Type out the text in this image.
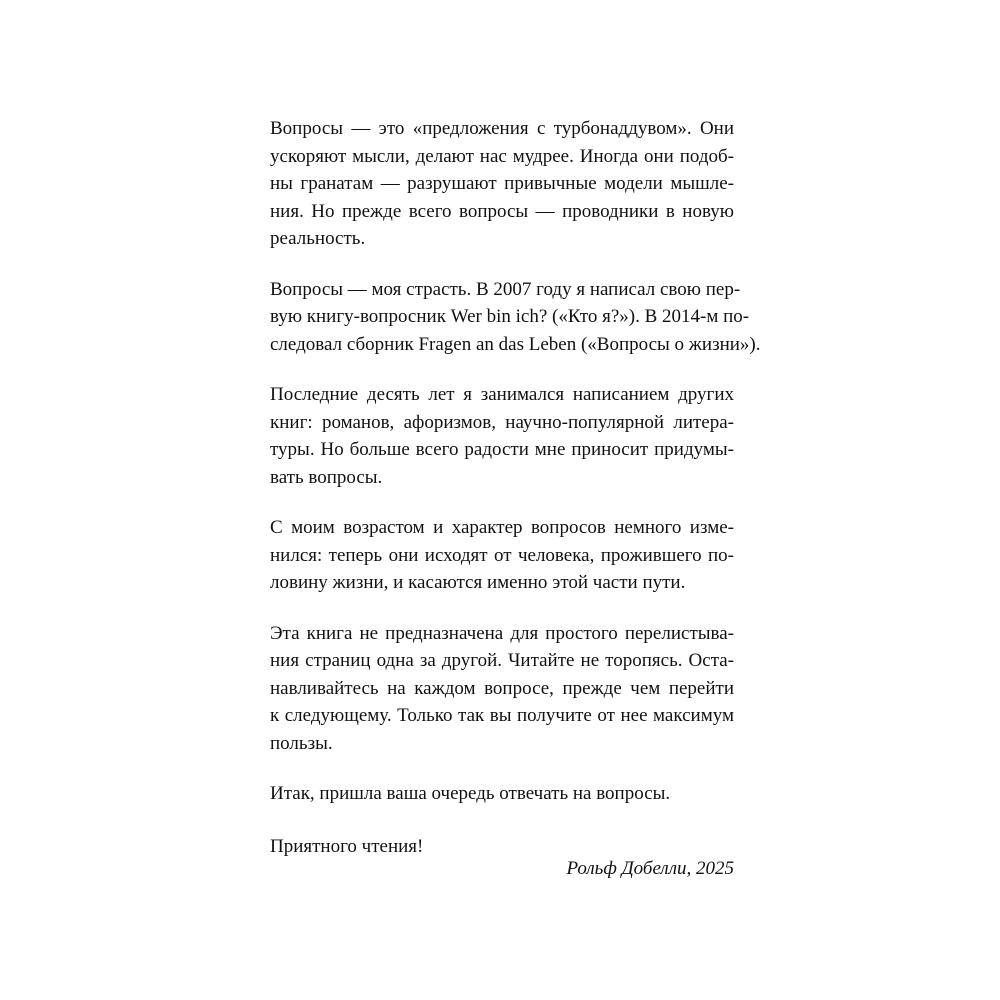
Вопросы — это «предложения с турбонаддувом». Они
ускоряют мысли, делают нас мудрее. Иногда они подоб-
ны гранатам — разрушают привычные модели мышле-
ния. Но прежде всего вопросы — проводники в новую
реальность.

Вопросы — моя страсть. В 2007 году я написал свою пер-
вую книгу-вопросник Wer bin ich? («Кто я?»). В 2014-м по-
следовал сборник Fragen an das Leben («Вопросы о жизни»).

Последние десять лет я занимался написанием других
книг: романов, афоризмов, научно-популярной литера-
туры. Но больше всего радости мне приносит придумы-
вать вопросы.

С моим возрастом и характер вопросов немного изме-
нился: теперь они исходят от человека, прожившего по-
ловину жизни, и касаются именно этой части пути.

Эта книга не предназначена для простого перелистыва-
ния страниц одна за другой. Читайте не торопясь. Оста-
навливайтесь на каждом вопросе, прежде чем перейти
к следующему. Только так вы получите от нее максимум
пользы.

Итак, пришла ваша очередь отвечать на вопросы.

Приятного чтения!

Рольф Добелли, 2025
